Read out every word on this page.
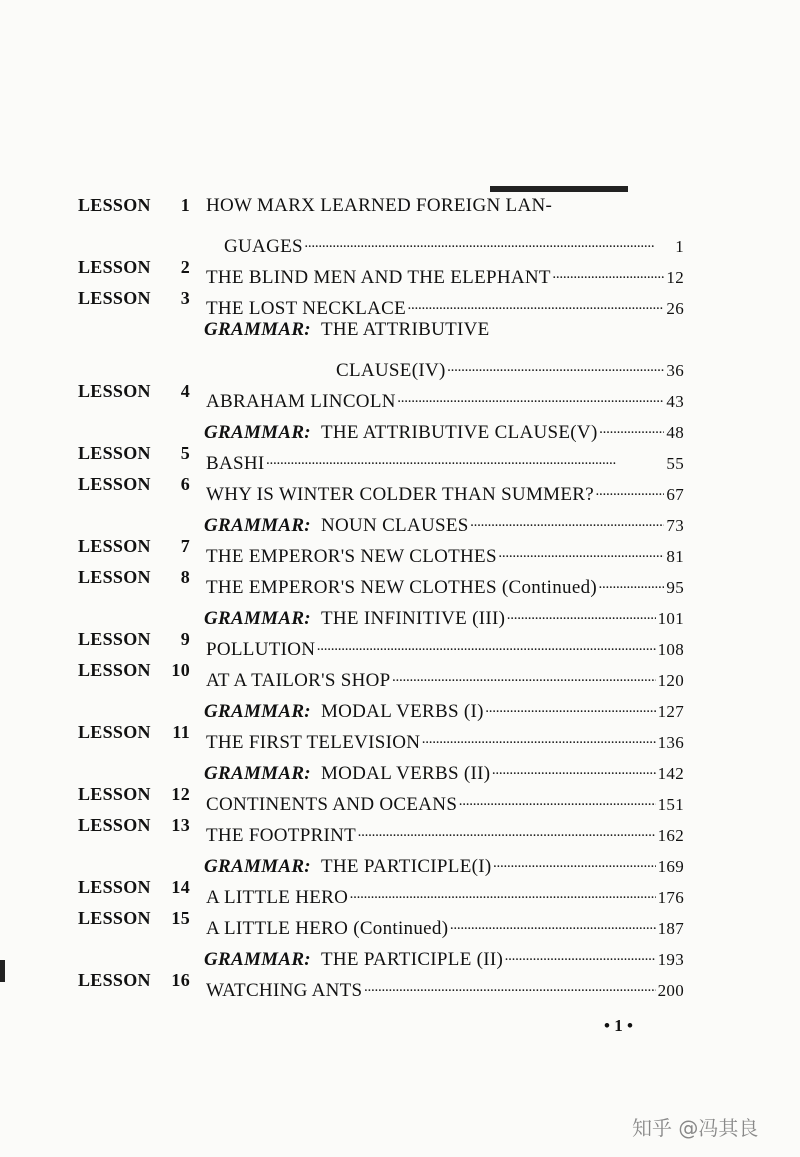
LESSON	1 HOW MARX LEARNED FOREIGN LAN-
GUAGES . . .	1
LESSON	2 THE BLIND MEN AND THE ELEPHANT . . .	12
LESSON	3 THE LOST NECKLACE . . .	26
GRAMMAR: THE ATTRIBUTIVE
CLAUSE(IV) . . .	36
LESSON	4 ABRAHAM LINCOLN . . .	43
GRAMMAR: THE ATTRIBUTIVE CLAUSE(V) . . .	48
LESSON	5 BASHI . . .	55
LESSON	6 WHY IS WINTER COLDER THAN SUMMER? . . .	67
GRAMMAR: NOUN CLAUSES . . .	73
LESSON	7 THE EMPEROR'S NEW CLOTHES . . .	81
LESSON	8 THE EMPEROR'S NEW CLOTHES (Continued) . . .	95
GRAMMAR: THE INFINITIVE (III) . . .	101
LESSON	9 POLLUTION . . .	108
LESSON	10 AT A TAILOR'S SHOP . . .	120
GRAMMAR: MODAL VERBS (I) . . .	127
LESSON	11 THE FIRST TELEVISION . . .	136
GRAMMAR: MODAL VERBS (II) . . .	142
LESSON	12 CONTINENTS AND OCEANS . . .	151
LESSON	13 THE FOOTPRINT . . .	162
GRAMMAR: THE PARTICIPLE(I) . . .	169
LESSON	14 A LITTLE HERO . . .	176
LESSON	15 A LITTLE HERO (Continued) . . .	187
GRAMMAR: THE PARTICIPLE (II) . . .	193
LESSON	16 WATCHING ANTS . . .	200
• 1 •
知乎 @冯其良
